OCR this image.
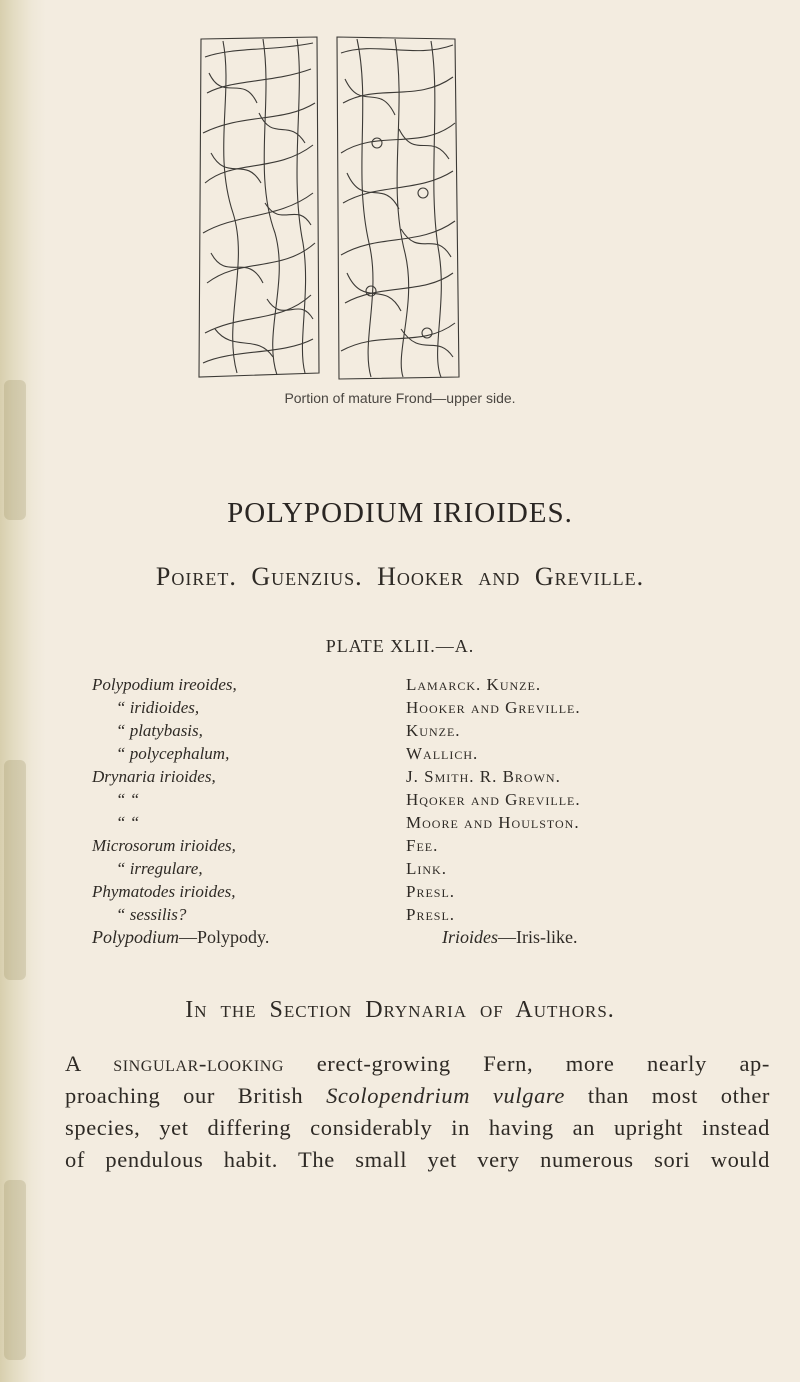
Portion of mature Frond—upper side.
POLYPODIUM IRIOIDES.
Poiret. Guenzius. Hooker and Greville.
PLATE XLII.—A.
Polypodium ireoides,
“ iridioides,
“ platybasis,
“ polycephalum,
Drynaria irioides,
“ “
“ “
Microsorum irioides,
“ irregulare,
Phymatodes irioides,
“ sessilis?
Lamarck. Kunze.
Hooker and Greville.
Kunze.
Wallich.
J. Smith. R. Brown.
Hqoker and Greville.
Moore and Houlston.
Fee.
Link.
Presl.
Presl.
Polypodium—Polypody.	Irioides—Iris-like.
In the Section Drynaria of Authors.
A singular-looking erect-growing Fern, more nearly ap-
proaching our British Scolopendrium vulgare than most other
species, yet differing considerably in having an upright instead
of pendulous habit. The small yet very numerous sori would
